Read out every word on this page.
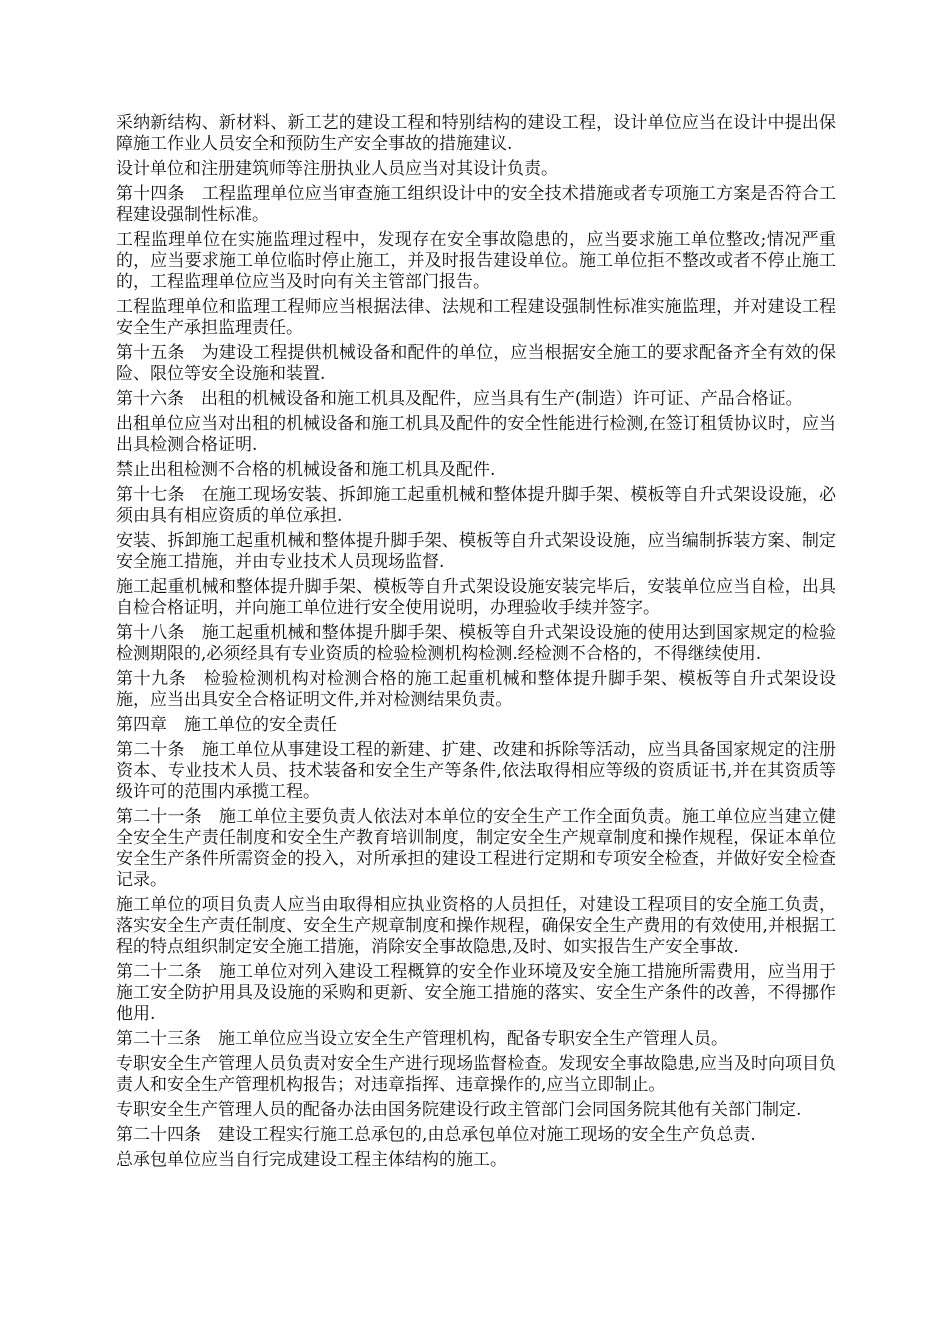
采纳新结构、新材料、新工艺的建设工程和特别结构的建设工程，设计单位应当在设计中提出保障施工作业人员安全和预防生产安全事故的措施建议.

设计单位和注册建筑师等注册执业人员应当对其设计负责。

第十四条　工程监理单位应当审查施工组织设计中的安全技术措施或者专项施工方案是否符合工程建设强制性标准。

工程监理单位在实施监理过程中，发现存在安全事故隐患的，应当要求施工单位整改;情况严重的，应当要求施工单位临时停止施工，并及时报告建设单位。施工单位拒不整改或者不停止施工的，工程监理单位应当及时向有关主管部门报告。

工程监理单位和监理工程师应当根据法律、法规和工程建设强制性标准实施监理，并对建设工程安全生产承担监理责任。

第十五条　为建设工程提供机械设备和配件的单位，应当根据安全施工的要求配备齐全有效的保险、限位等安全设施和装置.

第十六条　出租的机械设备和施工机具及配件，应当具有生产(制造）许可证、产品合格证。

出租单位应当对出租的机械设备和施工机具及配件的安全性能进行检测,在签订租赁协议时，应当出具检测合格证明.

禁止出租检测不合格的机械设备和施工机具及配件.

第十七条　在施工现场安装、拆卸施工起重机械和整体提升脚手架、模板等自升式架设设施，必须由具有相应资质的单位承担.

安装、拆卸施工起重机械和整体提升脚手架、模板等自升式架设设施，应当编制拆装方案、制定安全施工措施，并由专业技术人员现场监督.

施工起重机械和整体提升脚手架、模板等自升式架设设施安装完毕后，安装单位应当自检，出具自检合格证明，并向施工单位进行安全使用说明，办理验收手续并签字。

第十八条　施工起重机械和整体提升脚手架、模板等自升式架设设施的使用达到国家规定的检验检测期限的,必须经具有专业资质的检验检测机构检测.经检测不合格的，不得继续使用.

第十九条　检验检测机构对检测合格的施工起重机械和整体提升脚手架、模板等自升式架设设施，应当出具安全合格证明文件,并对检测结果负责。

第四章　施工单位的安全责任

第二十条　施工单位从事建设工程的新建、扩建、改建和拆除等活动，应当具备国家规定的注册资本、专业技术人员、技术装备和安全生产等条件,依法取得相应等级的资质证书,并在其资质等级许可的范围内承揽工程。

第二十一条　施工单位主要负责人依法对本单位的安全生产工作全面负责。施工单位应当建立健全安全生产责任制度和安全生产教育培训制度，制定安全生产规章制度和操作规程，保证本单位安全生产条件所需资金的投入，对所承担的建设工程进行定期和专项安全检查，并做好安全检查记录。

施工单位的项目负责人应当由取得相应执业资格的人员担任，对建设工程项目的安全施工负责，落实安全生产责任制度、安全生产规章制度和操作规程，确保安全生产费用的有效使用,并根据工程的特点组织制定安全施工措施，消除安全事故隐患,及时、如实报告生产安全事故.

第二十二条　施工单位对列入建设工程概算的安全作业环境及安全施工措施所需费用，应当用于施工安全防护用具及设施的采购和更新、安全施工措施的落实、安全生产条件的改善，不得挪作他用.

第二十三条　施工单位应当设立安全生产管理机构，配备专职安全生产管理人员。

专职安全生产管理人员负责对安全生产进行现场监督检查。发现安全事故隐患,应当及时向项目负责人和安全生产管理机构报告；对违章指挥、违章操作的,应当立即制止。

专职安全生产管理人员的配备办法由国务院建设行政主管部门会同国务院其他有关部门制定.

第二十四条　建设工程实行施工总承包的,由总承包单位对施工现场的安全生产负总责.

总承包单位应当自行完成建设工程主体结构的施工。
